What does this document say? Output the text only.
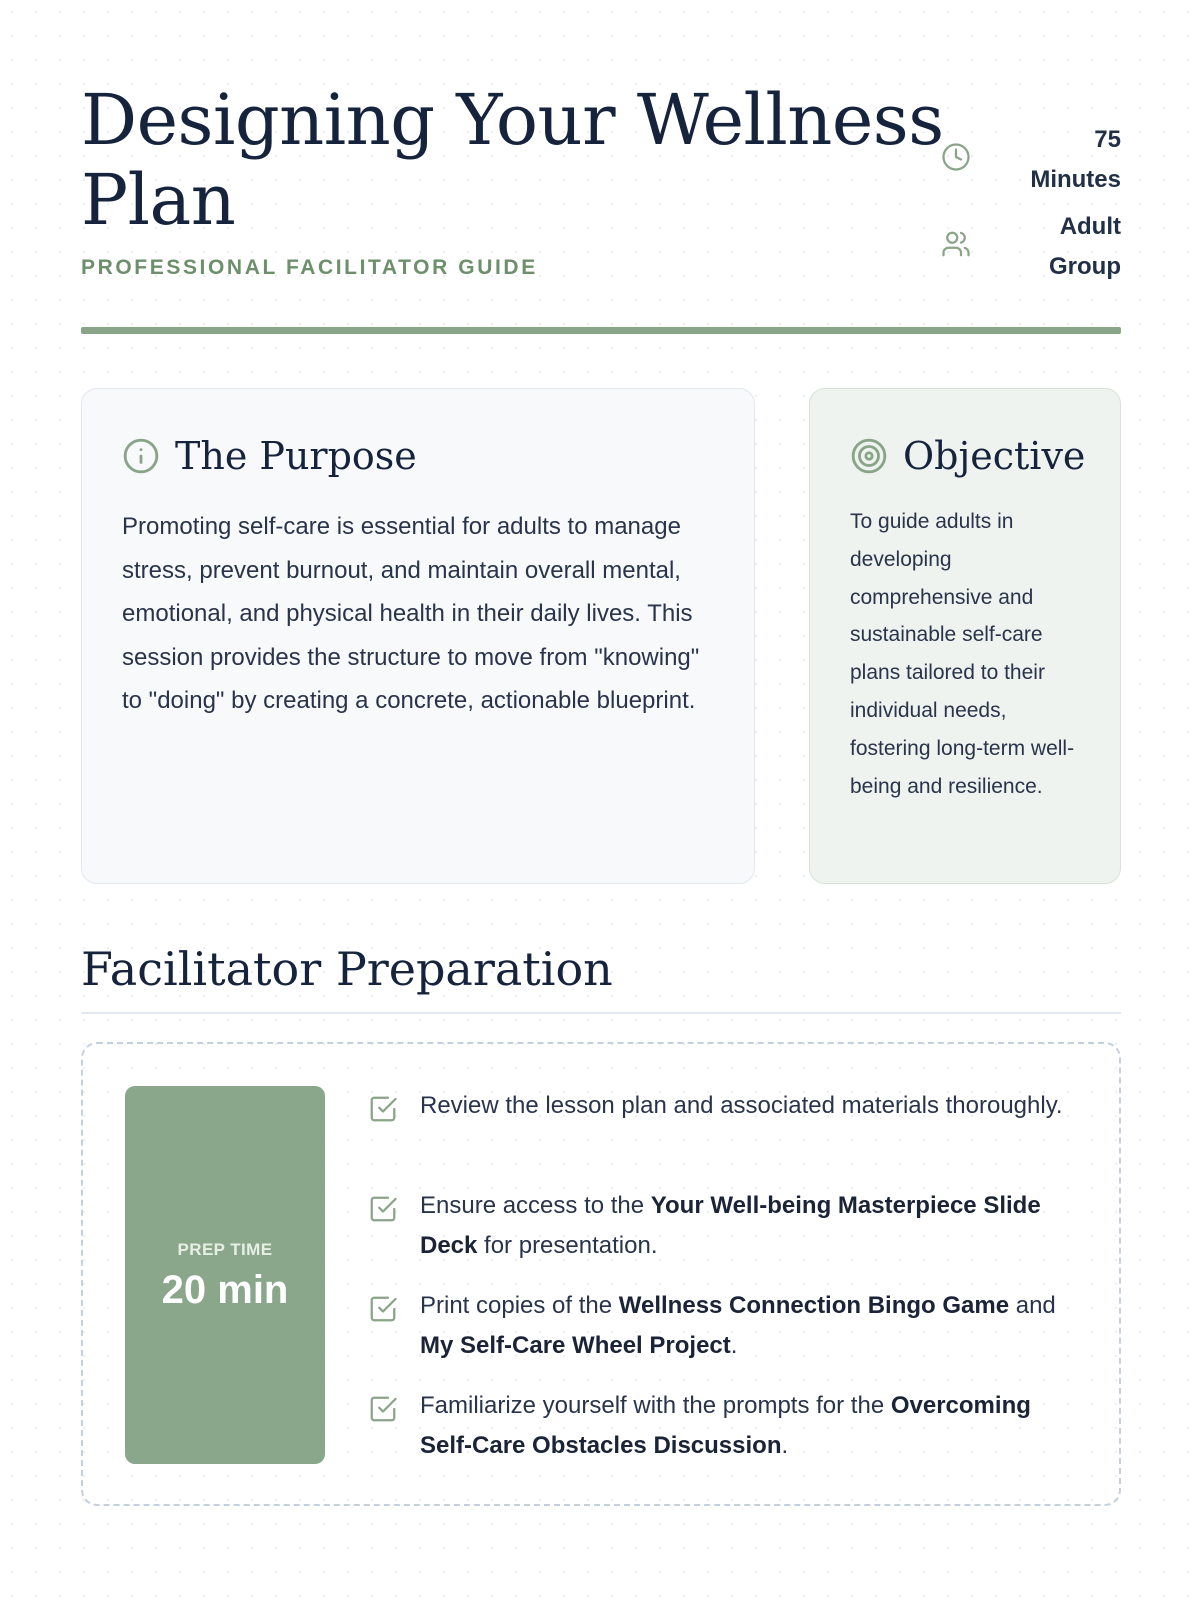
Designing Your Wellness Plan
PROFESSIONAL FACILITATOR GUIDE
75 Minutes
Adult Group
The Purpose

Promoting self-care is essential for adults to manage stress, prevent burnout, and maintain overall mental, emotional, and physical health in their daily lives. This session provides the structure to move from "knowing" to "doing" by creating a concrete, actionable blueprint.

Objective

To guide adults in developing comprehensive and sustainable self-care plans tailored to their individual needs, fostering long-term well-being and resilience.

Facilitator Preparation
PREP TIME
20 min

Review the lesson plan and associated materials thoroughly.

Ensure access to the Your Well-being Masterpiece Slide Deck for presentation.

Print copies of the Wellness Connection Bingo Game and My Self-Care Wheel Project.

Familiarize yourself with the prompts for the Overcoming Self-Care Obstacles Discussion.
